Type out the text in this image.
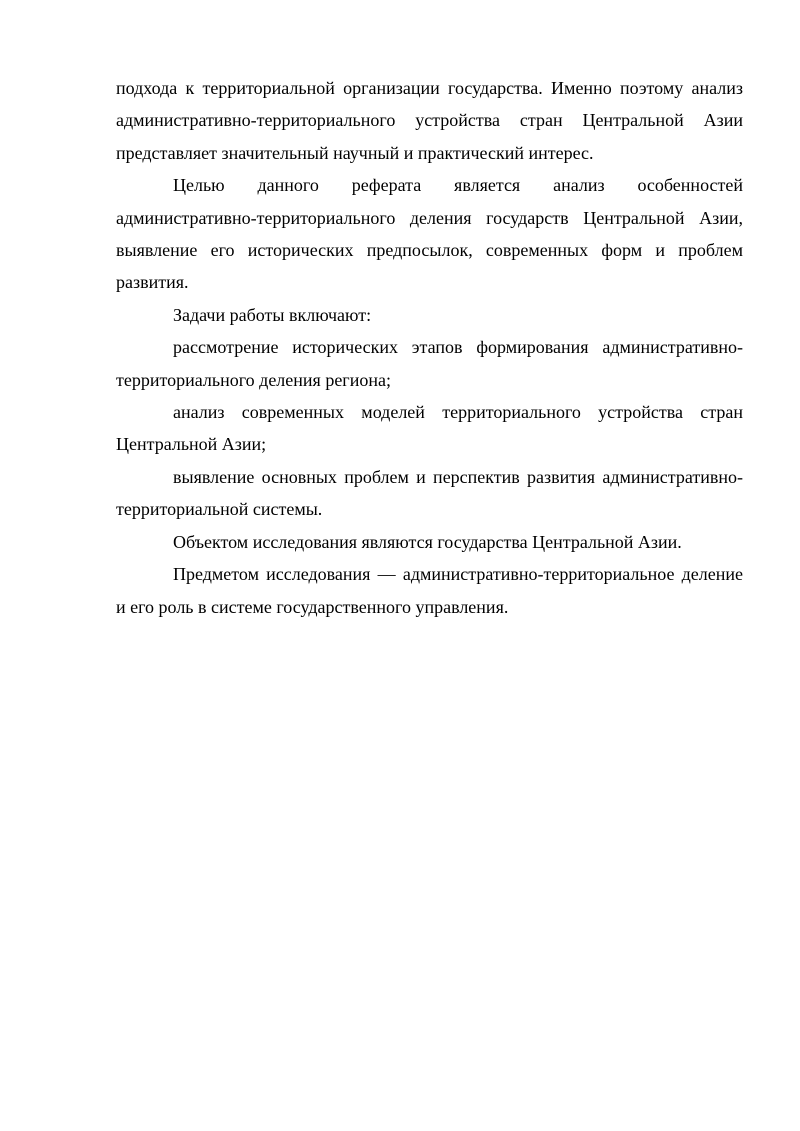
подхода к территориальной организации государства. Именно поэтому анализ административно-территориального устройства стран Центральной Азии представляет значительный научный и практический интерес.

Целью данного реферата является анализ особенностей административно-территориального деления государств Центральной Азии, выявление его исторических предпосылок, современных форм и проблем развития.

Задачи работы включают:

рассмотрение исторических этапов формирования административно-территориального деления региона;

анализ современных моделей территориального устройства стран Центральной Азии;

выявление основных проблем и перспектив развития административно-территориальной системы.

Объектом исследования являются государства Центральной Азии.

Предметом исследования — административно-территориальное деление и его роль в системе государственного управления.
